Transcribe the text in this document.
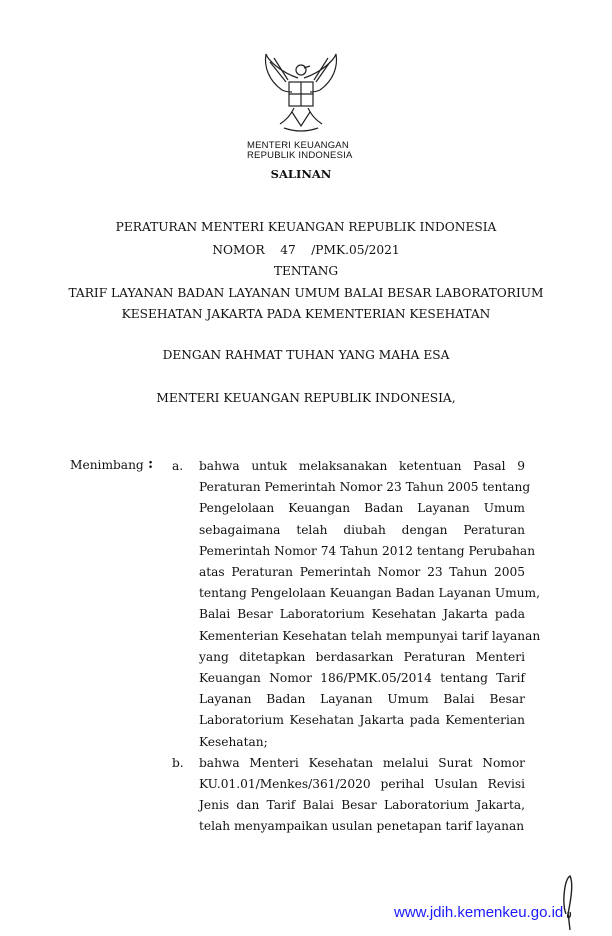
MENTERI KEUANGAN
REPUBLIK INDONESIA
SALINAN
PERATURAN MENTERI KEUANGAN REPUBLIK INDONESIA
NOMOR    47    /PMK.05/2021
TENTANG
TARIF LAYANAN BADAN LAYANAN UMUM BALAI BESAR LABORATORIUM
KESEHATAN JAKARTA PADA KEMENTERIAN KESEHATAN
DENGAN RAHMAT TUHAN YANG MAHA ESA
MENTERI KEUANGAN REPUBLIK INDONESIA,
Menimbang : a. bahwa untuk melaksanakan ketentuan Pasal 9
Peraturan Pemerintah Nomor 23 Tahun 2005 tentang
Pengelolaan Keuangan Badan Layanan Umum
sebagaimana telah diubah dengan Peraturan
Pemerintah Nomor 74 Tahun 2012 tentang Perubahan
atas Peraturan Pemerintah Nomor 23 Tahun 2005
tentang Pengelolaan Keuangan Badan Layanan Umum,
Balai Besar Laboratorium Kesehatan Jakarta pada
Kementerian Kesehatan telah mempunyai tarif layanan
yang ditetapkan berdasarkan Peraturan Menteri
Keuangan Nomor 186/PMK.05/2014 tentang Tarif
Layanan Badan Layanan Umum Balai Besar
Laboratorium Kesehatan Jakarta pada Kementerian
Kesehatan;
b. bahwa Menteri Kesehatan melalui Surat Nomor
KU.01.01/Menkes/361/2020 perihal Usulan Revisi
Jenis dan Tarif Balai Besar Laboratorium Jakarta,
telah menyampaikan usulan penetapan tarif layanan
www.jdih.kemenkeu.go.id
